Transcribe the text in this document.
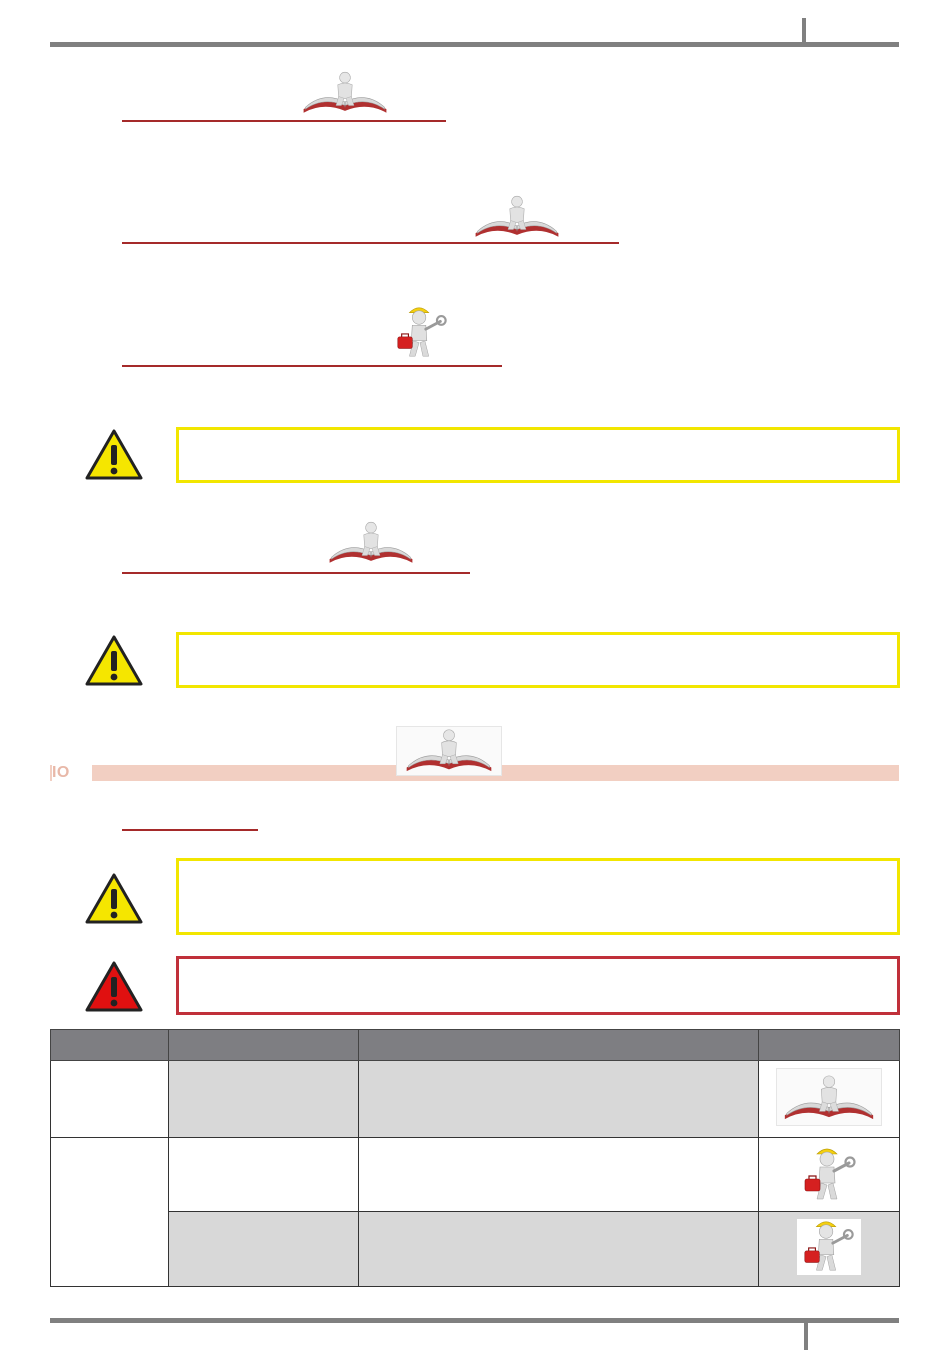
I O
